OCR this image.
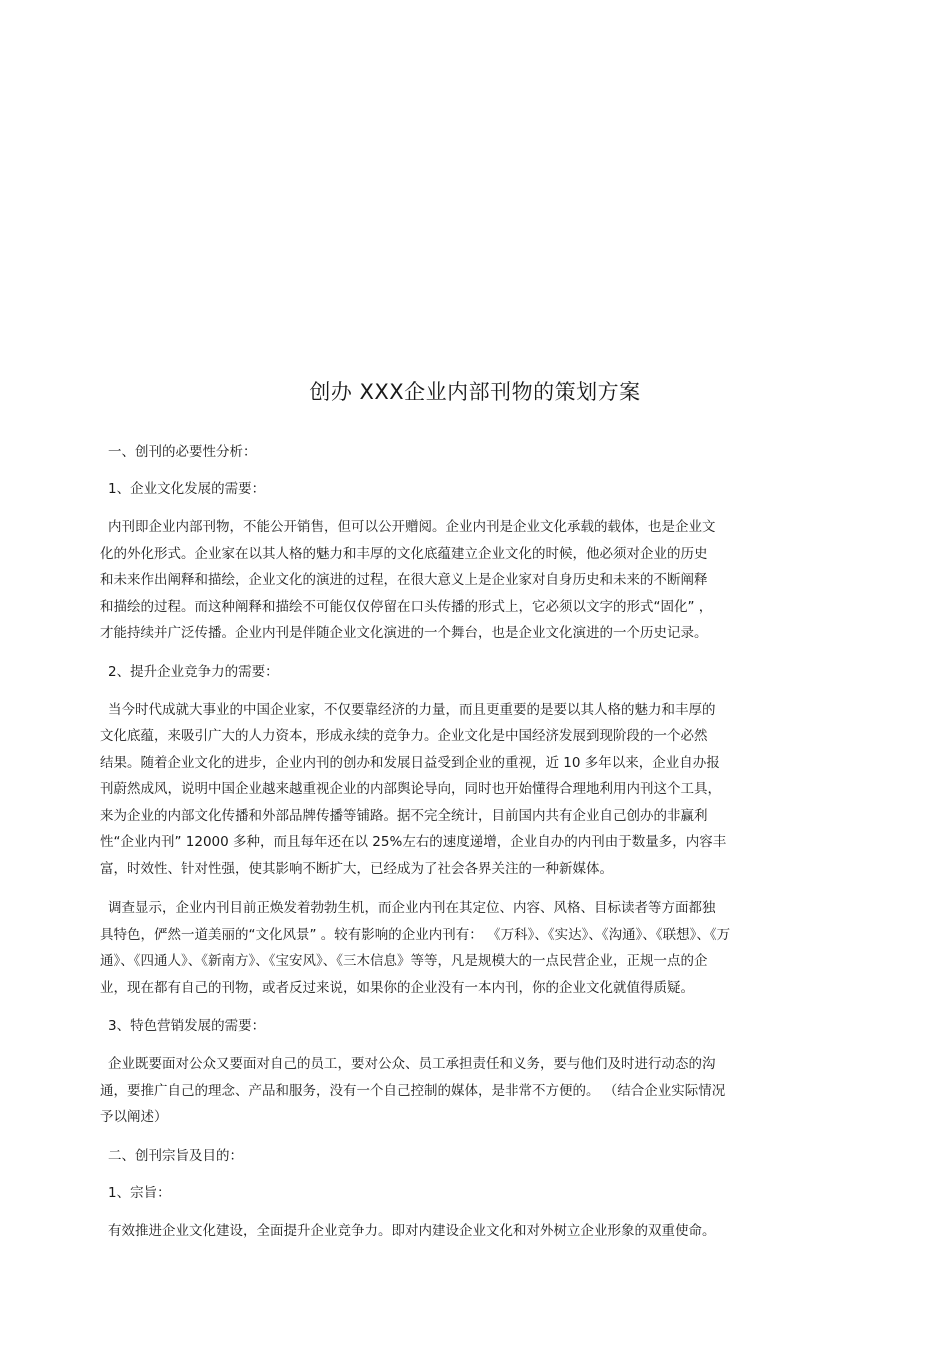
创办 XXX企业内部刊物的策划方案
一、创刊的必要性分析：
1、企业文化发展的需要：
内刊即企业内部刊物，不能公开销售，但可以公开赠阅。企业内刊是企业文化承载的载体，也是企业文
化的外化形式。企业家在以其人格的魅力和丰厚的文化底蕴建立企业文化的时候，他必须对企业的历史
和未来作出阐释和描绘，企业文化的演进的过程，在很大意义上是企业家对自身历史和未来的不断阐释
和描绘的过程。而这种阐释和描绘不可能仅仅停留在口头传播的形式上，它必须以文字的形式“固化” ，
才能持续并广泛传播。企业内刊是伴随企业文化演进的一个舞台，也是企业文化演进的一个历史记录。
2、提升企业竞争力的需要：
当今时代成就大事业的中国企业家，不仅要靠经济的力量，而且更重要的是要以其人格的魅力和丰厚的
文化底蕴，来吸引广大的人力资本，形成永续的竞争力。企业文化是中国经济发展到现阶段的一个必然
结果。随着企业文化的进步，企业内刊的创办和发展日益受到企业的重视，近 10 多年以来，企业自办报
刊蔚然成风，说明中国企业越来越重视企业的内部舆论导向，同时也开始懂得合理地利用内刊这个工具，
来为企业的内部文化传播和外部品牌传播等铺路。据不完全统计，目前国内共有企业自己创办的非赢利
性“企业内刊” 12000 多种，而且每年还在以 25%左右的速度递增，企业自办的内刊由于数量多，内容丰
富，时效性、针对性强，使其影响不断扩大，已经成为了社会各界关注的一种新媒体。
调查显示，企业内刊目前正焕发着勃勃生机，而企业内刊在其定位、内容、风格、目标读者等方面都独
具特色，俨然一道美丽的“文化风景” 。较有影响的企业内刊有： 《万科》、《实达》、《沟通》、《联想》、《万
通》、《四通人》、《新南方》、《宝安风》、《三木信息》等等，凡是规模大的一点民营企业，正规一点的企
业，现在都有自己的刊物，或者反过来说，如果你的企业没有一本内刊，你的企业文化就值得质疑。
3、特色营销发展的需要：
企业既要面对公众又要面对自己的员工，要对公众、员工承担责任和义务，要与他们及时进行动态的沟
通，要推广自己的理念、产品和服务，没有一个自己控制的媒体，是非常不方便的。 （结合企业实际情况
予以阐述）
二、创刊宗旨及目的：
1、宗旨：
有效推进企业文化建设，全面提升企业竞争力。即对内建设企业文化和对外树立企业形象的双重使命。
